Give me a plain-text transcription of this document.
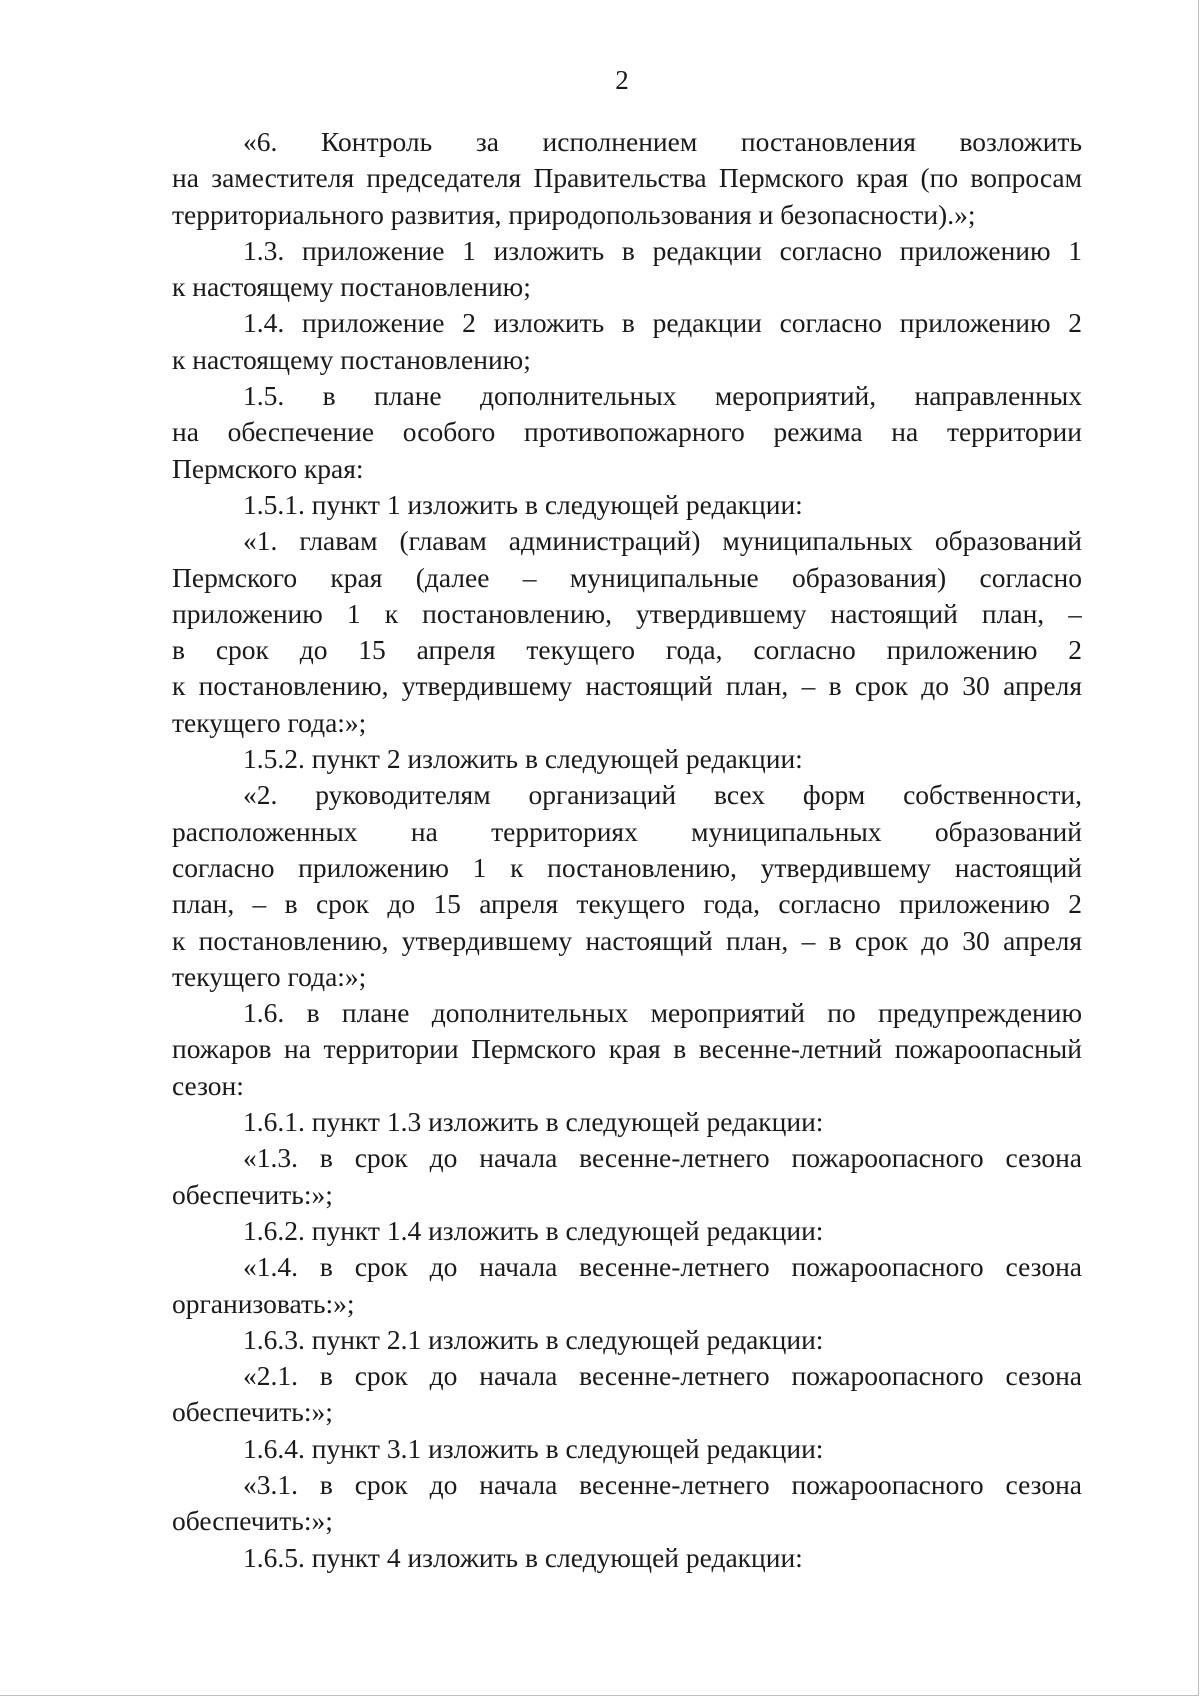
2
«6. Контроль за исполнением постановления возложить
на заместителя председателя Правительства Пермского края (по вопросам
территориального развития, природопользования и безопасности).»;
1.3. приложение 1 изложить в редакции согласно приложению 1
к настоящему постановлению;
1.4. приложение 2 изложить в редакции согласно приложению 2
к настоящему постановлению;
1.5. в плане дополнительных мероприятий, направленных
на обеспечение особого противопожарного режима на территории
Пермского края:
1.5.1. пункт 1 изложить в следующей редакции:
«1. главам (главам администраций) муниципальных образований
Пермского края (далее – муниципальные образования) согласно
приложению 1 к постановлению, утвердившему настоящий план, –
в срок до 15 апреля текущего года, согласно приложению 2
к постановлению, утвердившему настоящий план, – в срок до 30 апреля
текущего года:»;
1.5.2. пункт 2 изложить в следующей редакции:
«2. руководителям организаций всех форм собственности,
расположенных на территориях муниципальных образований
согласно приложению 1 к постановлению, утвердившему настоящий
план, – в срок до 15 апреля текущего года, согласно приложению 2
к постановлению, утвердившему настоящий план, – в срок до 30 апреля
текущего года:»;
1.6. в плане дополнительных мероприятий по предупреждению
пожаров на территории Пермского края в весенне-летний пожароопасный
сезон:
1.6.1. пункт 1.3 изложить в следующей редакции:
«1.3. в срок до начала весенне-летнего пожароопасного сезона
обеспечить:»;
1.6.2. пункт 1.4 изложить в следующей редакции:
«1.4. в срок до начала весенне-летнего пожароопасного сезона
организовать:»;
1.6.3. пункт 2.1 изложить в следующей редакции:
«2.1. в срок до начала весенне-летнего пожароопасного сезона
обеспечить:»;
1.6.4. пункт 3.1 изложить в следующей редакции:
«3.1. в срок до начала весенне-летнего пожароопасного сезона
обеспечить:»;
1.6.5. пункт 4 изложить в следующей редакции:
